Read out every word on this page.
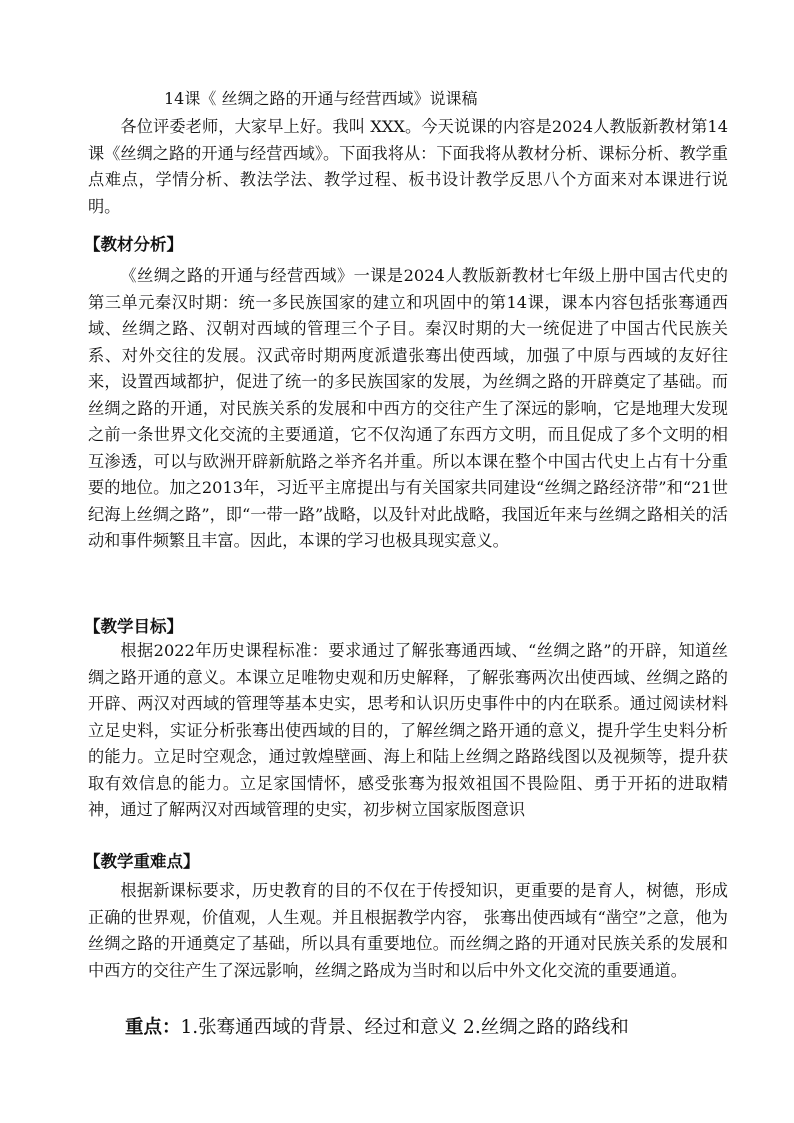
14课《 丝绸之路的开通与经营西域》说课稿

各位评委老师，大家早上好。我叫 XXX。今天说课的内容是2024人教版新教材第14课《丝绸之路的开通与经营西域》。下面我将从：下面我将从教材分析、课标分析、教学重点难点，学情分析、教法学法、教学过程、板书设计教学反思八个方面来对本课进行说明。

【教材分析】

《丝绸之路的开通与经营西域》一课是2024人教版新教材七年级上册中国古代史的第三单元秦汉时期：统一多民族国家的建立和巩固中的第14课，课本内容包括张骞通西域、丝绸之路、汉朝对西域的管理三个子目。秦汉时期的大一统促进了中国古代民族关系、对外交往的发展。汉武帝时期两度派遣张骞出使西域，加强了中原与西域的友好往来，设置西域都护，促进了统一的多民族国家的发展，为丝绸之路的开辟奠定了基础。而丝绸之路的开通，对民族关系的发展和中西方的交往产生了深远的影响，它是地理大发现之前一条世界文化交流的主要通道，它不仅沟通了东西方文明，而且促成了多个文明的相互渗透，可以与欧洲开辟新航路之举齐名并重。所以本课在整个中国古代史上占有十分重要的地位。加之2013年，习近平主席提出与有关国家共同建设“丝绸之路经济带”和“21世纪海上丝绸之路”，即“一带一路”战略，以及针对此战略，我国近年来与丝绸之路相关的活动和事件频繁且丰富。因此，本课的学习也极具现实意义。

【教学目标】

根据2022年历史课程标准：要求通过了解张骞通西域、“丝绸之路”的开辟，知道丝绸之路开通的意义。本课立足唯物史观和历史解释，了解张骞两次出使西域、丝绸之路的开辟、两汉对西域的管理等基本史实，思考和认识历史事件中的内在联系。通过阅读材料立足史料，实证分析张骞出使西域的目的，了解丝绸之路开通的意义，提升学生史料分析的能力。立足时空观念，通过敦煌壁画、海上和陆上丝绸之路路线图以及视频等，提升获取有效信息的能力。立足家国情怀，感受张骞为报效祖国不畏险阻、勇于开拓的进取精神，通过了解两汉对西域管理的史实，初步树立国家版图意识

【教学重难点】

根据新课标要求，历史教育的目的不仅在于传授知识，更重要的是育人，树德，形成正确的世界观，价值观，人生观。并且根据教学内容， 张骞出使西域有“凿空”之意，他为丝绸之路的开通奠定了基础，所以具有重要地位。而丝绸之路的开通对民族关系的发展和中西方的交往产生了深远影响，丝绸之路成为当时和以后中外文化交流的重要通道。

重点：1.张骞通西域的背景、经过和意义 2.丝绸之路的路线和
